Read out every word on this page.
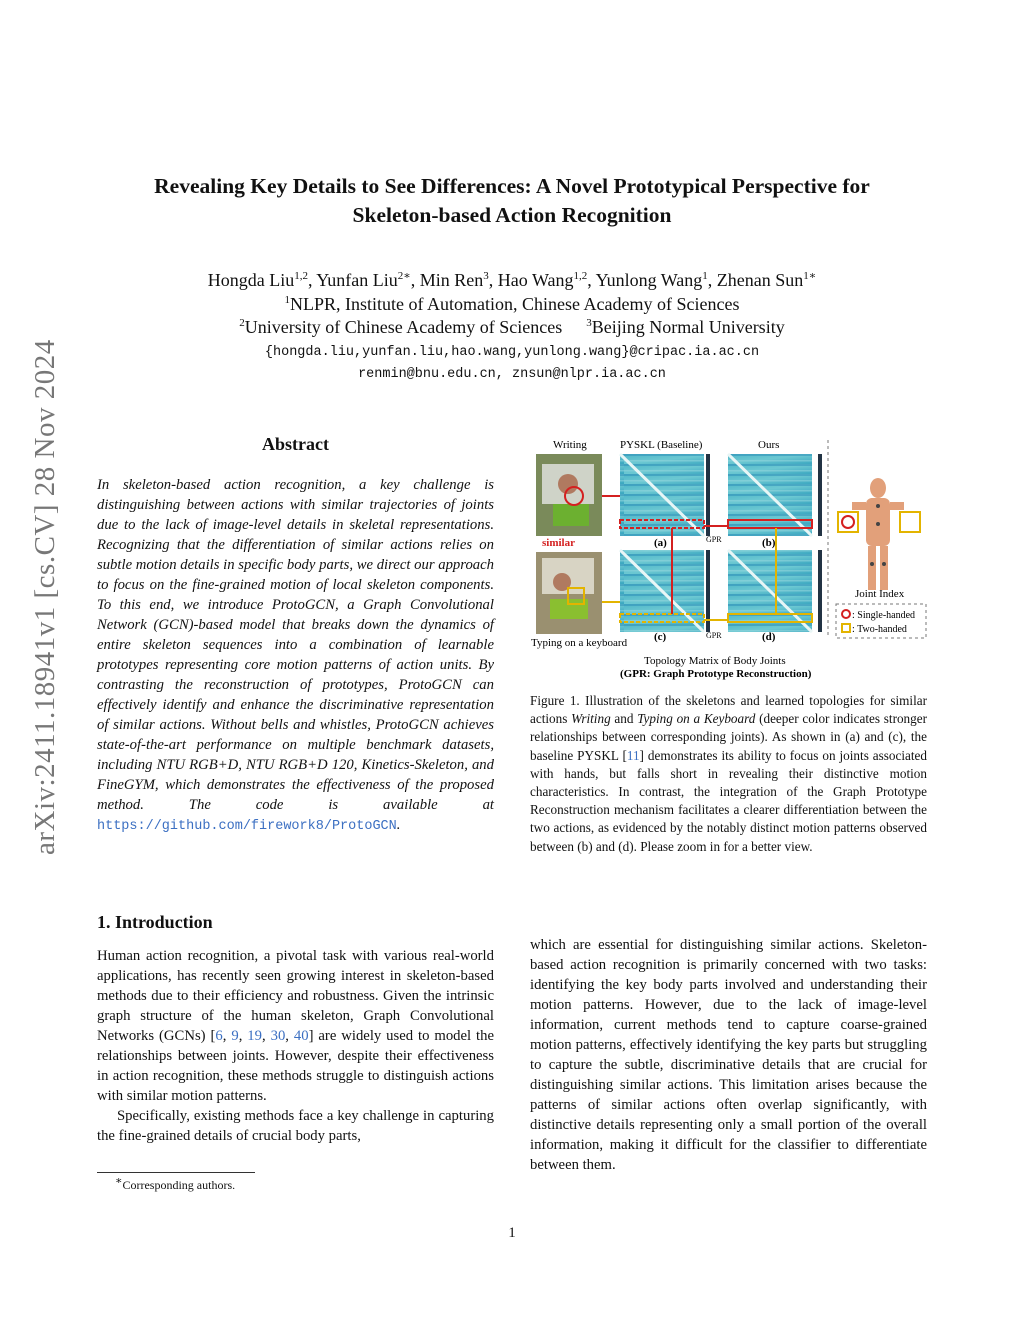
arXiv:2411.18941v1 [cs.CV] 28 Nov 2024
Revealing Key Details to See Differences: A Novel Prototypical Perspective for
Skeleton-based Action Recognition
Hongda Liu$^{1,2}$, Yunfan Liu$^{2∗}$, Min Ren$^3$, Hao Wang$^{1,2}$, Yunlong Wang$^1$, Zhenan Sun$^{1∗}$
$^1$NLPR, Institute of Automation, Chinese Academy of Sciences
$^2$University of Chinese Academy of Sciences $^3$Beijing Normal University
{hongda.liu,yunfan.liu,hao.wang,yunlong.wang}@cripac.ia.ac.cn
renmin@bnu.edu.cn, znsun@nlpr.ia.ac.cn
Abstract
In skeleton-based action recognition, a key challenge is distinguishing between actions with similar trajectories of joints due to the lack of image-level details in skeletal representations. Recognizing that the differentiation of similar actions relies on subtle motion details in specific body parts, we direct our approach to focus on the fine-grained motion of local skeleton components. To this end, we introduce ProtoGCN, a Graph Convolutional Network (GCN)-based model that breaks down the dynamics of entire skeleton sequences into a combination of learnable prototypes representing core motion patterns of action units. By contrasting the reconstruction of prototypes, ProtoGCN can effectively identify and enhance the discriminative representation of similar actions. Without bells and whistles, ProtoGCN achieves state-of-the-art performance on multiple benchmark datasets, including NTU RGB+D, NTU RGB+D 120, Kinetics-Skeleton, and FineGYM, which demonstrates the effectiveness of the proposed method. The code is available at https://github.com/firework8/ProtoGCN.
Writing	PYSKL (Baseline)	Ours
similar
Typing on a keyboard
(a)	(b)
GPR
(c)	(d)
GPR
Joint Index
: Single-handed
: Two-handed
Topology Matrix of Body Joints
(GPR: Graph Prototype Reconstruction)
Figure 1. Illustration of the skeletons and learned topologies for similar actions Writing and Typing on a Keyboard (deeper color indicates stronger relationships between corresponding joints). As shown in (a) and (c), the baseline PYSKL [11] demonstrates its ability to focus on joints associated with hands, but falls short in revealing their distinctive motion characteristics. In contrast, the integration of the Graph Prototype Reconstruction mechanism facilitates a clearer differentiation between the two actions, as evidenced by the notably distinct motion patterns observed between (b) and (d). Please zoom in for a better view.
1. Introduction
Human action recognition, a pivotal task with various real-world applications, has recently seen growing interest in skeleton-based methods due to their efficiency and robustness. Given the intrinsic graph structure of the human skeleton, Graph Convolutional Networks (GCNs) [6, 9, 19, 30, 40] are widely used to model the relationships between joints. However, despite their effectiveness in action recognition, these methods struggle to distinguish actions with similar motion patterns.
Specifically, existing methods face a key challenge in capturing the fine-grained details of crucial body parts,
which are essential for distinguishing similar actions. Skeleton-based action recognition is primarily concerned with two tasks: identifying the key body parts involved and understanding their motion patterns. However, due to the lack of image-level information, current methods tend to capture coarse-grained motion patterns, effectively identifying the key parts but struggling to capture the subtle, discriminative details that are crucial for distinguishing similar actions. This limitation arises because the patterns of similar actions often overlap significantly, with distinctive details representing only a small portion of the overall information, making it difficult for the classifier to differentiate between them.
∗Corresponding authors.
1
